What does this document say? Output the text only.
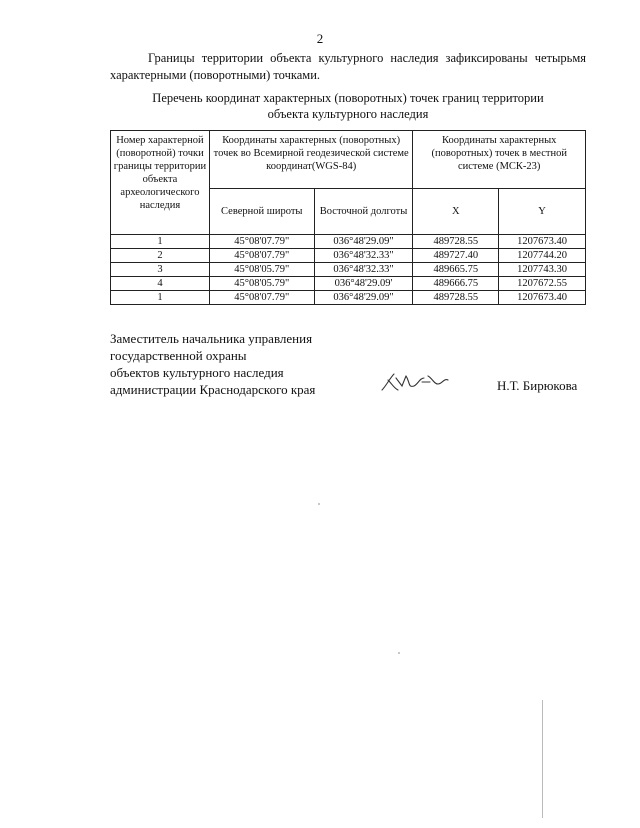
2

Границы территории объекта культурного наследия зафиксированы четырьмя характерными (поворотными) точками.

Перечень координат характерных (поворотных) точек границ территории
объекта культурного наследия
Номер характерной (поворотной) точки границы территории объекта археологического наследия	Координаты характерных (поворотных) точек во Всемирной геодезической системе координат(WGS-84)		Координаты характерных (поворотных) точек в местной системе (МСК-23)	
	Северной широты	Восточной долготы	X	Y
1	45°08'07.79"	036°48'29.09"	489728.55	1207673.40
2	45°08'07.79"	036°48'32.33"	489727.40	1207744.20
3	45°08'05.79"	036°48'32.33"	489665.75	1207743.30
4	45°08'05.79"	036°48'29.09'	489666.75	1207672.55
1	45°08'07.79"	036°48'29.09"	489728.55	1207673.40
Заместитель начальника управления
государственной охраны
объектов культурного наследия
администрации Краснодарского края	Н.Т. Бирюкова
